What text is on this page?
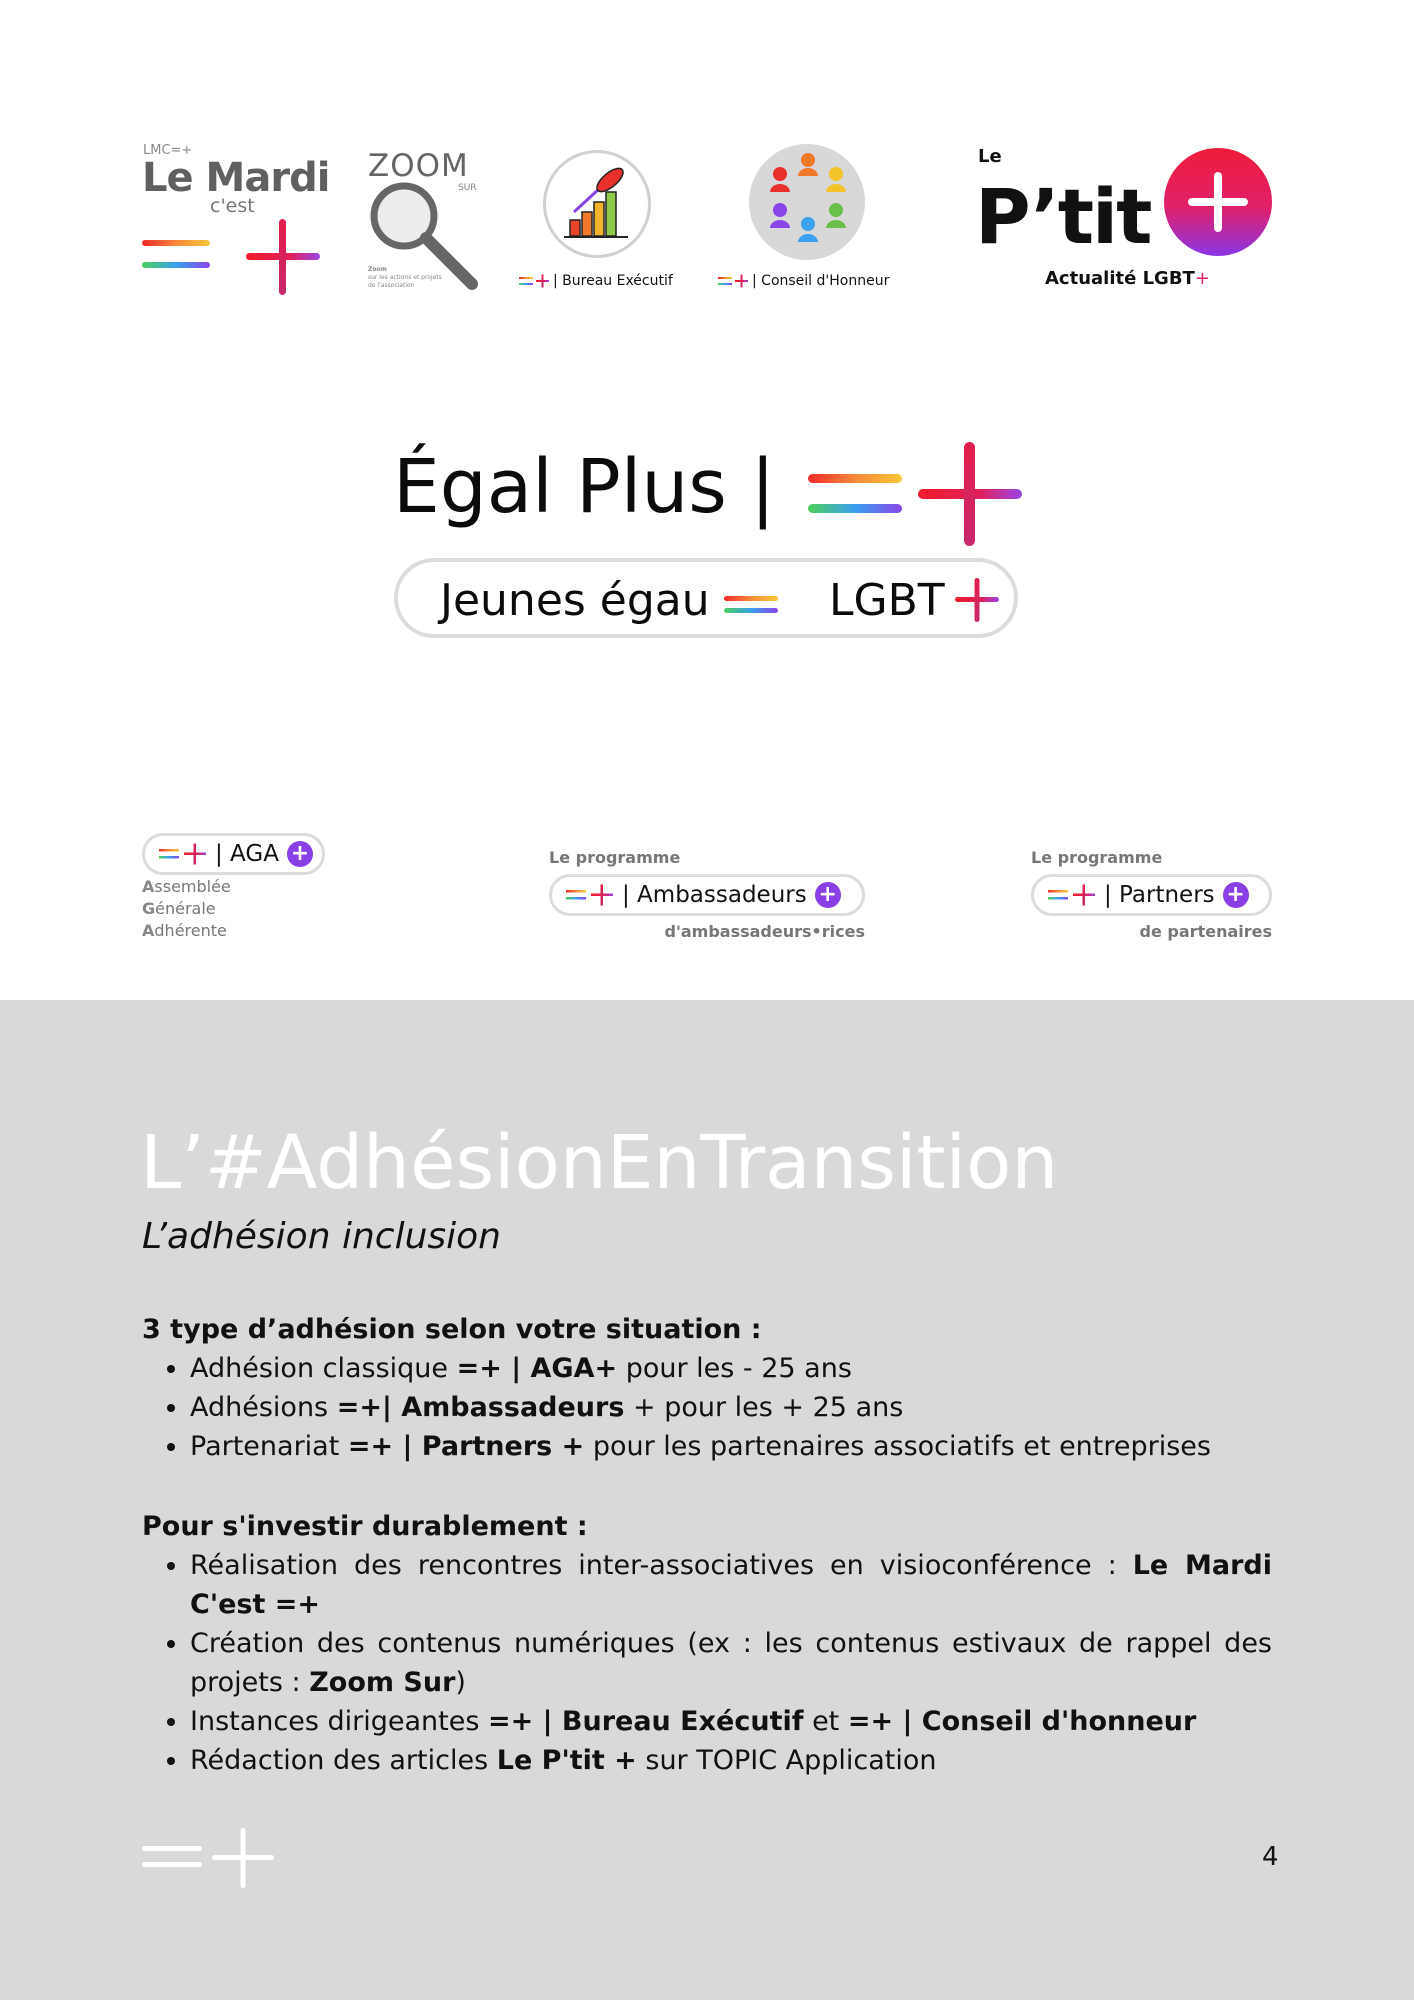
LMC=+
Le Mardi
c'est
ZOOM
SUR
Zoom
sur les actions et projets de l'association	| Bureau Exécutif	| Conseil d'Honneur
Le
P’tit
Actualité LGBT+
Égal Plus |
Jeunes égau	LGBT
| AGA +
Assemblée
Générale
Adhérente
Le programme
| Ambassadeurs +
d'ambassadeurs•rices
Le programme
| Partners +
de partenaires
L’#AdhésionEnTransition
L’adhésion inclusion
3 type d’adhésion selon votre situation :
• Adhésion classique =+ | AGA+ pour les - 25 ans
• Adhésions =+| Ambassadeurs + pour les + 25 ans
• Partenariat =+ | Partners + pour les partenaires associatifs et entreprises
Pour s'investir durablement :
• Réalisation des rencontres inter-associatives en visioconférence : Le Mardi C'est =+
• Création des contenus numériques (ex : les contenus estivaux de rappel des projets : Zoom Sur)
• Instances dirigeantes =+ | Bureau Exécutif et =+ | Conseil d'honneur
• Rédaction des articles Le P'tit + sur TOPIC Application
4
